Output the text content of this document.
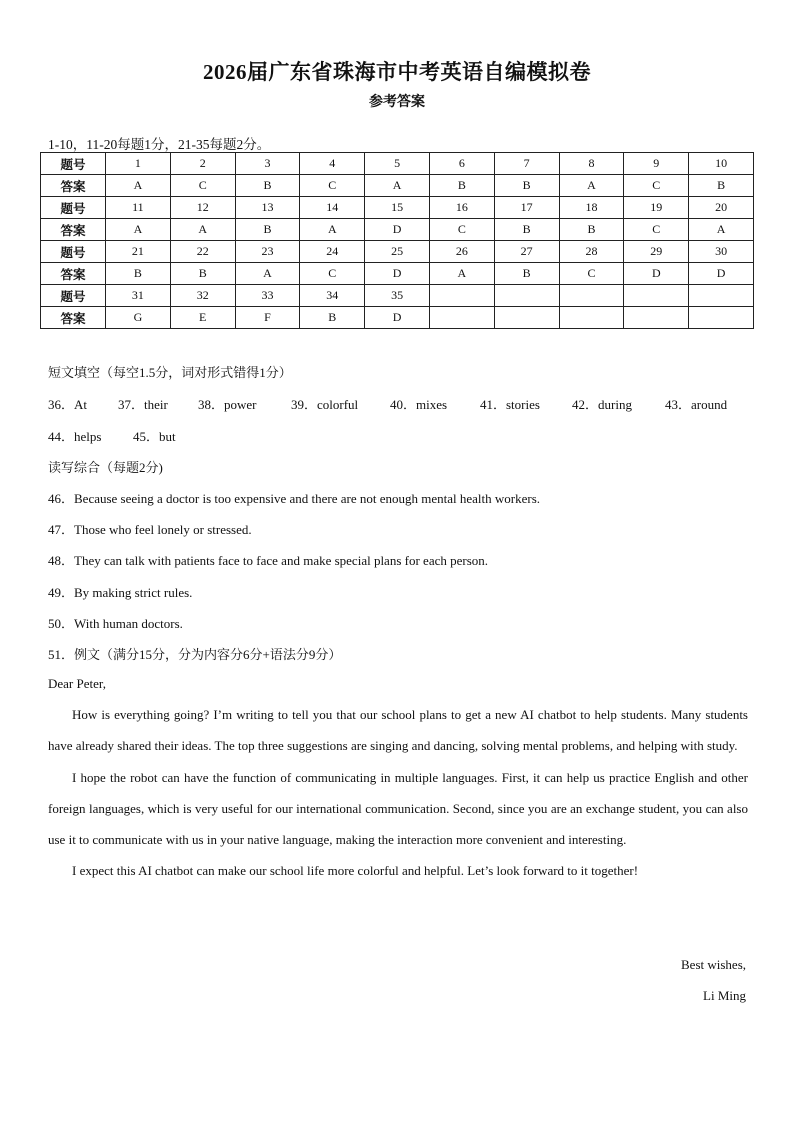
2026届广东省珠海市中考英语自编模拟卷
参考答案
1-10，11-20每题1分，21-35每题2分。
题号	1	2	3	4	5	6	7	8	9	10
答案	A	C	B	C	A	B	B	A	C	B
题号	11	12	13	14	15	16	17	18	19	20
答案	A	A	B	A	D	C	B	B	C	A
题号	21	22	23	24	25	26	27	28	29	30
答案	B	B	A	C	D	A	B	C	D	D
题号	31	32	33	34	35					
答案	G	E	F	B	D					
短文填空（每空1.5分，词对形式错得1分）
36．At 37．their 38．power	39．colorful 40．mixes	41．stories 42．during	43．around
44．helps 45．but
读写综合（每题2分)
46．Because seeing a doctor is too expensive and there are not enough mental health workers.
47．Those who feel lonely or stressed.
48．They can talk with patients face to face and make special plans for each person.
49．By making strict rules.
50．With human doctors.
51．例文（满分15分，分为内容分6分+语法分9分）
Dear Peter,

How is everything going? I’m writing to tell you that our school plans to get a new AI chatbot to help students. Many students have already shared their ideas. The top three suggestions are singing and dancing, solving mental problems, and helping with study.

I hope the robot can have the function of communicating in multiple languages. First, it can help us practice English and other foreign languages, which is very useful for our international communication. Second, since you are an exchange student, you can also use it to communicate with us in your native language, making the interaction more convenient and interesting.

I expect this AI chatbot can make our school life more colorful and helpful. Let’s look forward to it together!

Best wishes,
Li Ming
